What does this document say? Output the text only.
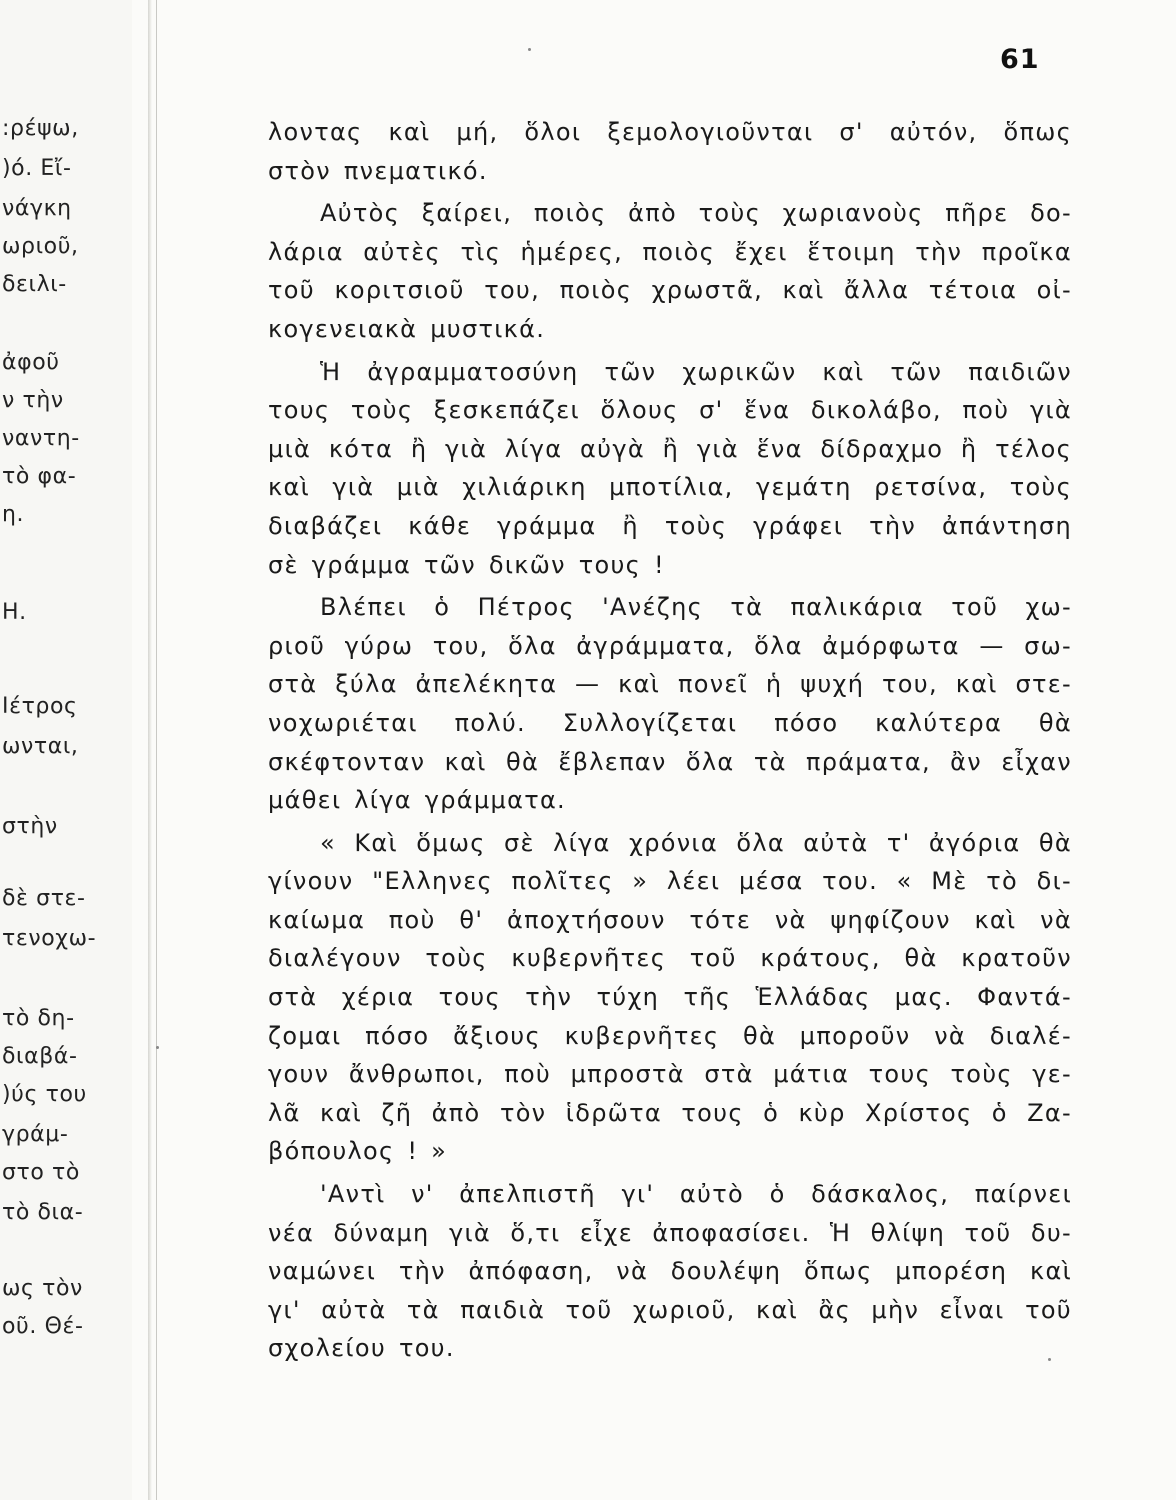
:ρέψω,
)ό. Εἴ-
νάγκη
ωριοῦ,
δειλι-
ἀφοῦ
ν τὴν
ναντη-
τὸ φα-
η.
Η.
Ιέτρος
ωνται,
στὴν
δὲ στε-
τενοχω-
τὸ δη-
διαβά-
)ύς του
γράμ-
στο τὸ
τὸ δια-
ως τὸν
οῦ. Θέ-
61
λοντας καὶ μή, ὅλοι ξεμολογιοῦνται σ' αὐτόν, ὅπως
στὸν πνεματικό.
Αὐτὸς ξαίρει, ποιὸς ἀπὸ τοὺς χωριανοὺς πῆρε δο-
λάρια αὐτὲς τὶς ἡμέρες, ποιὸς ἔχει ἕτοιμη τὴν προῖκα
τοῦ κοριτσιοῦ του, ποιὸς χρωστᾶ, καὶ ἄλλα τέτοια οἰ-
κογενειακὰ μυστικά.
Ἡ ἀγραμματοσύνη τῶν χωρικῶν καὶ τῶν παιδιῶν
τους τοὺς ξεσκεπάζει ὅλους σ' ἕνα δικολάβο, ποὺ γιὰ
μιὰ κότα ἢ γιὰ λίγα αὐγὰ ἢ γιὰ ἕνα δίδραχμο ἢ τέλος
καὶ γιὰ μιὰ χιλιάρικη μποτίλια, γεμάτη ρετσίνα, τοὺς
διαβάζει κάθε γράμμα ἢ τοὺς γράφει τὴν ἀπάντηση
σὲ γράμμα τῶν δικῶν τους !
Βλέπει ὁ Πέτρος 'Ανέζης τὰ παλικάρια τοῦ χω-
ριοῦ γύρω του, ὅλα ἀγράμματα, ὅλα ἀμόρφωτα — σω-
στὰ ξύλα ἀπελέκητα — καὶ πονεῖ ἡ ψυχή του, καὶ στε-
νοχωριέται πολύ. Συλλογίζεται πόσο καλύτερα θὰ
σκέφτονταν καὶ θὰ ἔβλεπαν ὅλα τὰ πράματα, ἂν εἶχαν
μάθει λίγα γράμματα.
« Καὶ ὅμως σὲ λίγα χρόνια ὅλα αὐτὰ τ' ἀγόρια θὰ
γίνουν "Ελληνες πολῖτες » λέει μέσα του. « Μὲ τὸ δι-
καίωμα ποὺ θ' ἀποχτήσουν τότε νὰ ψηφίζουν καὶ νὰ
διαλέγουν τοὺς κυβερνῆτες τοῦ κράτους, θὰ κρατοῦν
στὰ χέρια τους τὴν τύχη τῆς Ἑλλάδας μας. Φαντά-
ζομαι πόσο ἄξιους κυβερνῆτες θὰ μποροῦν νὰ διαλέ-
γουν ἄνθρωποι, ποὺ μπροστὰ στὰ μάτια τους τοὺς γε-
λᾶ καὶ ζῆ ἀπὸ τὸν ἱδρῶτα τους ὁ κὺρ Χρίστος ὁ Ζα-
βόπουλος ! »
'Αντὶ ν' ἀπελπιστῆ γι' αὐτὸ ὁ δάσκαλος, παίρνει
νέα δύναμη γιὰ ὅ,τι εἶχε ἀποφασίσει. Ἡ θλίψη τοῦ δυ-
ναμώνει τὴν ἀπόφαση, νὰ δουλέψη ὅπως μπορέση καὶ
γι' αὐτὰ τὰ παιδιὰ τοῦ χωριοῦ, καὶ ἂς μὴν εἶναι τοῦ
σχολείου του.
